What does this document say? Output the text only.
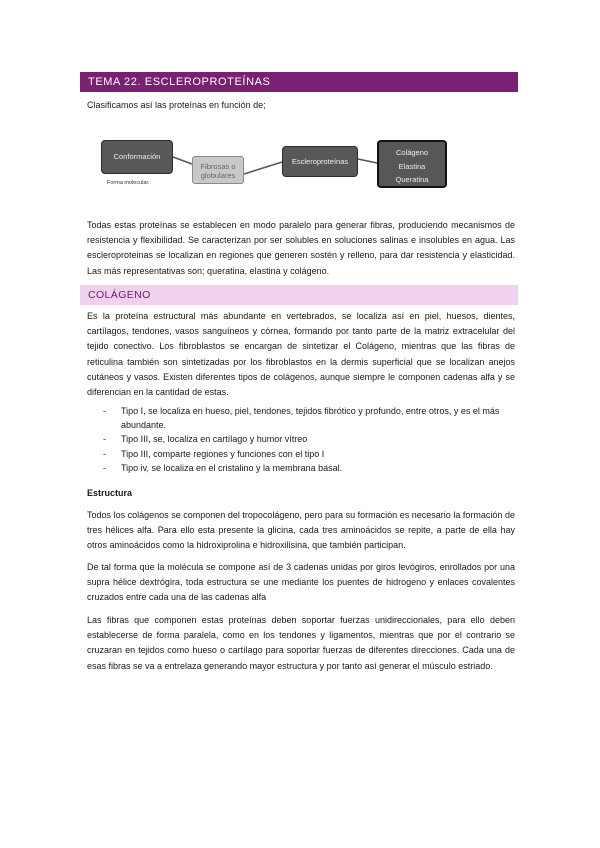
TEMA 22. ESCLEROPROTEÍNAS

Clasificamos así las proteínas en función de;

Conformación
Forma molecular.
Fibrosas o globulares
Escleroproteínas
Colágeno
Elastina
Queratina

Todas estas proteínas se establecen en modo paralelo para generar fibras, produciendo mecanismos de resistencia y flexibilidad. Se caracterizan por ser solubles en soluciones salinas e insolubles en agua. Las escleroproteinas se localizan en regiones que generen sostén y relleno, para dar resistencia y elasticidad. Las más representativas son; queratina, elastina y colágeno.

COLÁGENO

Es la proteína estructural más abundante en vertebrados, se localiza así en piel, huesos, dientes, cartílagos, tendones, vasos sanguíneos y córnea, formando por tanto parte de la matriz extracelular del tejido conectivo. Los fibroblastos se encargan de sintetizar el Colágeno, mientras que las fibras de reticulina también son sintetizadas por los fibroblastos en la dermis superficial que se localizan anejos cutáneos y vasos. Existen diferentes tipos de colágenos, aunque siempre le componen cadenas alfa y se diferencian en la cantidad de estas.

- Tipo I, se localiza en hueso, piel, tendones, tejidos fibrótico y profundo, entre otros, y es el más abundante.
- Tipo III, se, localiza en cartílago y humor vítreo
- Tipo III, comparte regiones y funciones con el tipo I
- Tipo iv, se localiza en el cristalino y la membrana basal.
Estructura

Todos los colágenos se componen del tropocolágeno, pero para su formación es necesario la formación de tres hélices alfa. Para ello esta presente la glicina, cada tres aminoácidos se repite, a parte de ella hay otros aminoácidos como la hidroxiprolina e hidroxilisina, que también participan.

De tal forma que la molécula se compone así de 3 cadenas unidas por giros levógiros, enrollados por una supra hélice dextrógira, toda estructura se une mediante los puentes de hidrogeno y enlaces covalentes cruzados entre cada una de las cadenas alfa

Las fibras que componen estas proteínas deben soportar fuerzas unidireccionales, para ello deben establecerse de forma paralela, como en los tendones y ligamentos, mientras que por el contrario se cruzaran en tejidos como hueso o cartílago para soportar fuerzas de diferentes direcciones. Cada una de esas fibras se va a entrelaza generando mayor estructura y por tanto así generar el músculo estriado.
